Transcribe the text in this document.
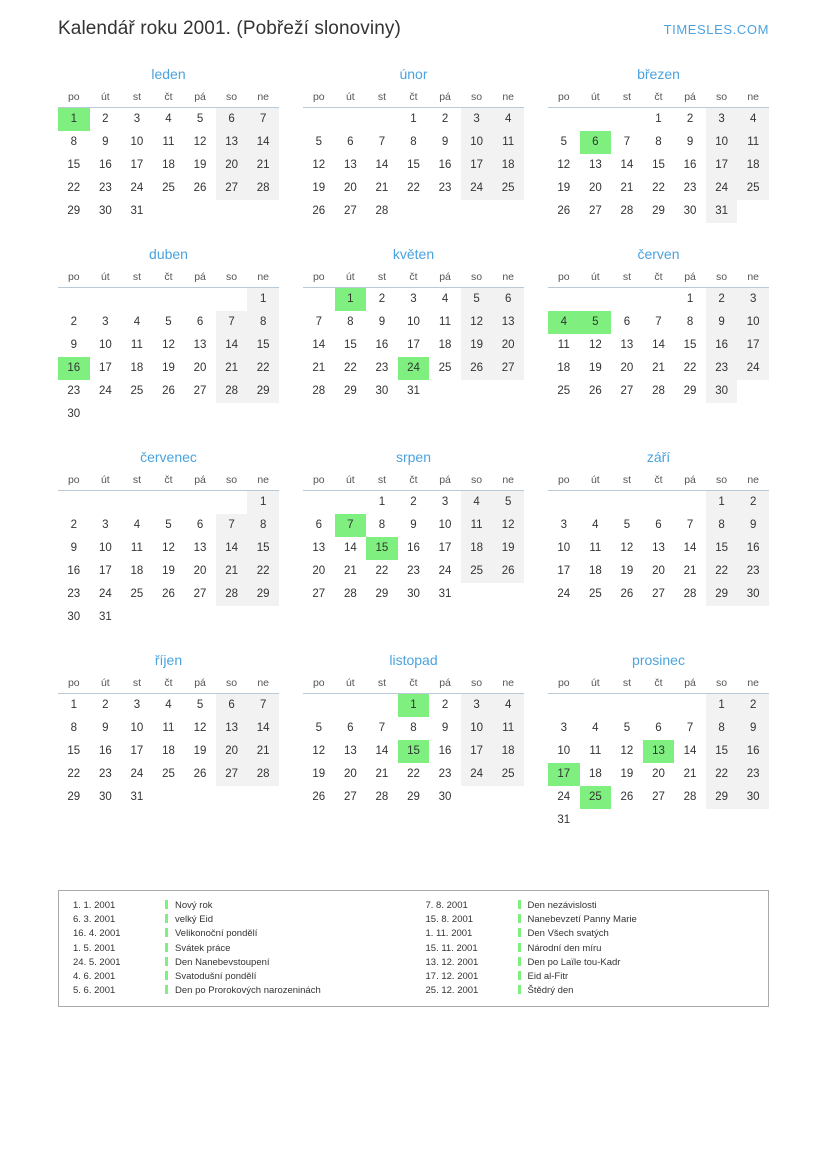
Kalendář roku 2001. (Pobřeží slonoviny)	TIMESLES.COM
leden
po	út	st	čt	pá	so	ne

1	2	3	4	5	6	7

8	9	10	11	12	13	14

15	16	17	18	19	20	21

22	23	24	25	26	27	28

29	30	31				

únor
po	út	st	čt	pá	so	ne

			1	2	3	4

5	6	7	8	9	10	11

12	13	14	15	16	17	18

19	20	21	22	23	24	25

26	27	28				

březen
po	út	st	čt	pá	so	ne

			1	2	3	4

5	6	7	8	9	10	11

12	13	14	15	16	17	18

19	20	21	22	23	24	25

26	27	28	29	30	31	

duben
po	út	st	čt	pá	so	ne

						1

2	3	4	5	6	7	8

9	10	11	12	13	14	15

16	17	18	19	20	21	22

23	24	25	26	27	28	29

30						

květen
po	út	st	čt	pá	so	ne

	1	2	3	4	5	6

7	8	9	10	11	12	13

14	15	16	17	18	19	20

21	22	23	24	25	26	27

28	29	30	31			

červen
po	út	st	čt	pá	so	ne

				1	2	3

4	5	6	7	8	9	10

11	12	13	14	15	16	17

18	19	20	21	22	23	24

25	26	27	28	29	30	

červenec
po	út	st	čt	pá	so	ne

						1

2	3	4	5	6	7	8

9	10	11	12	13	14	15

16	17	18	19	20	21	22

23	24	25	26	27	28	29

30	31					

srpen
po	út	st	čt	pá	so	ne

		1	2	3	4	5

6	7	8	9	10	11	12

13	14	15	16	17	18	19

20	21	22	23	24	25	26

27	28	29	30	31		

září
po	út	st	čt	pá	so	ne

					1	2

3	4	5	6	7	8	9

10	11	12	13	14	15	16

17	18	19	20	21	22	23

24	25	26	27	28	29	30
říjen
po	út	st	čt	pá	so	ne

1	2	3	4	5	6	7

8	9	10	11	12	13	14

15	16	17	18	19	20	21

22	23	24	25	26	27	28

29	30	31				

listopad
po	út	st	čt	pá	so	ne

			1	2	3	4

5	6	7	8	9	10	11

12	13	14	15	16	17	18

19	20	21	22	23	24	25

26	27	28	29	30		

prosinec
po	út	st	čt	pá	so	ne

					1	2

3	4	5	6	7	8	9

10	11	12	13	14	15	16

17	18	19	20	21	22	23

24	25	26	27	28	29	30

31						

1. 1. 2001	Nový rok
6. 3. 2001	velký Eid
16. 4. 2001	Velikonoční pondělí
1. 5. 2001	Svátek práce
24. 5. 2001	Den Nanebevstoupení
4. 6. 2001	Svatodušní pondělí
5. 6. 2001	Den po Prorokových narozeninách
7. 8. 2001	Den nezávislosti
15. 8. 2001	Nanebevzetí Panny Marie
1. 11. 2001	Den Všech svatých
15. 11. 2001	Národní den míru
13. 12. 2001	Den po Laïle tou-Kadr
17. 12. 2001	Eid al-Fitr
25. 12. 2001	Štědrý den
